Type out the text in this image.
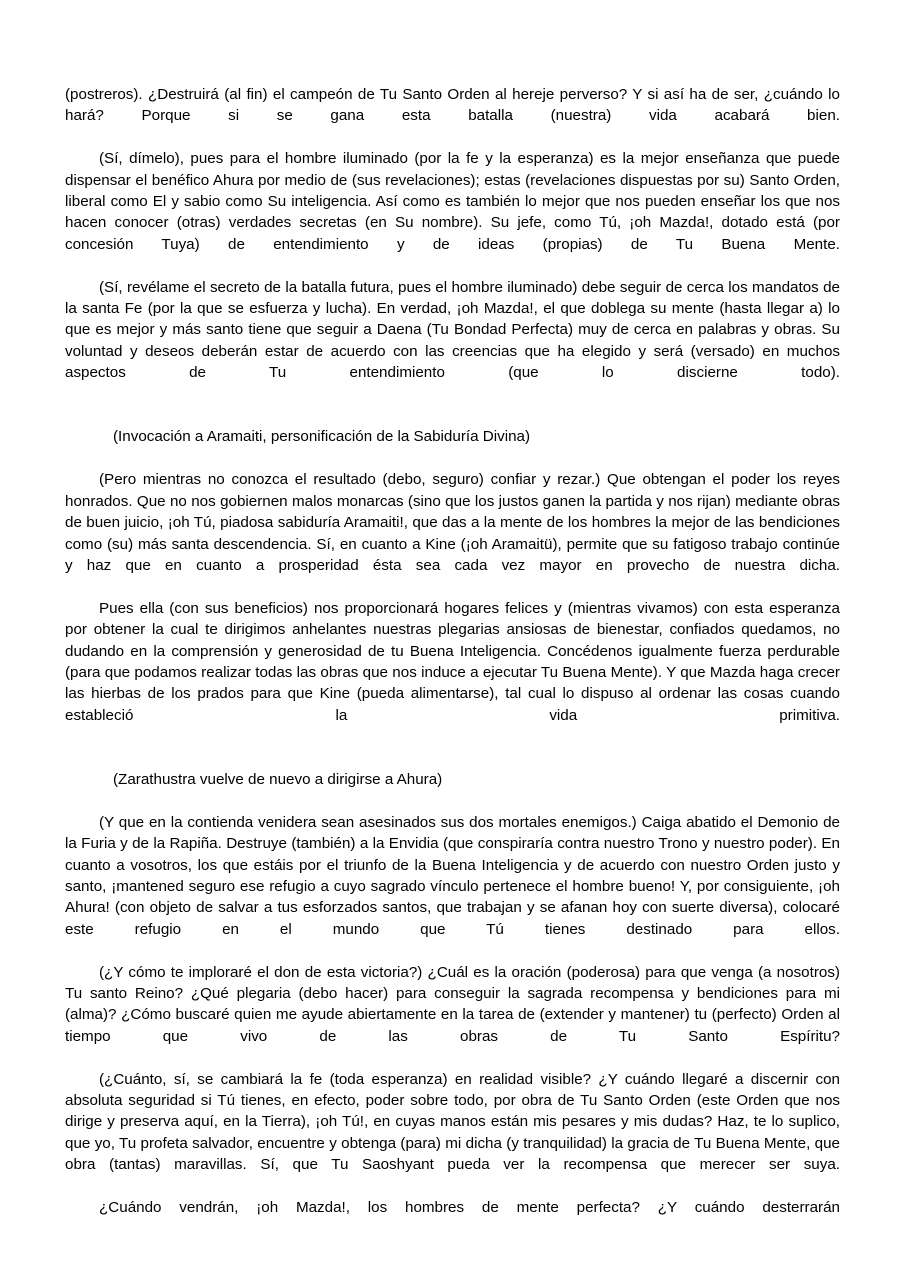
(postreros). ¿Destruirá (al fin) el campeón de Tu Santo Orden al hereje perverso? Y si así ha de ser, ¿cuándo lo hará? Porque si se gana esta batalla (nuestra) vida acabará bien.

(Sí, dímelo), pues para el hombre iluminado (por la fe y la esperanza) es la mejor enseñanza que puede dispensar el benéfico Ahura por medio de (sus revelaciones); estas (revelaciones dispuestas por su) Santo Orden, liberal como El y sabio como Su inteligencia. Así como es también lo mejor que nos pueden enseñar los que nos hacen conocer (otras) verdades secretas (en Su nombre). Su jefe, como Tú, ¡oh Mazda!, dotado está (por concesión Tuya) de entendimiento y de ideas (propias) de Tu Buena Mente.

(Sí, revélame el secreto de la batalla futura, pues el hombre iluminado) debe seguir de cerca los mandatos de la santa Fe (por la que se esfuerza y lucha). En verdad, ¡oh Mazda!, el que doblega su mente (hasta llegar a) lo que es mejor y más santo tiene que seguir a Daena (Tu Bondad Perfecta) muy de cerca en palabras y obras. Su voluntad y deseos deberán estar de acuerdo con las creencias que ha elegido y será (versado) en muchos aspectos de Tu entendimiento (que lo discierne todo).

(Invocación a Aramaiti, personificación de la Sabiduría Divina)

(Pero mientras no conozca el resultado (debo, seguro) confiar y rezar.) Que obtengan el poder los reyes honrados. Que no nos gobiernen malos monarcas (sino que los justos ganen la partida y nos rijan) mediante obras de buen juicio, ¡oh Tú, piadosa sabiduría Aramaiti!, que das a la mente de los hombres la mejor de las bendiciones como (su) más santa descendencia. Sí, en cuanto a Kine (¡oh Aramaitü), permite que su fatigoso trabajo continúe y haz que en cuanto a prosperidad ésta sea cada vez mayor en provecho de nuestra dicha.

Pues ella (con sus beneficios) nos proporcionará hogares felices y (mientras vivamos) con esta esperanza por obtener la cual te dirigimos anhelantes nuestras plegarias ansiosas de bienestar, confiados quedamos, no dudando en la comprensión y generosidad de tu Buena Inteligencia. Concédenos igualmente fuerza perdurable (para que podamos realizar todas las obras que nos induce a ejecutar Tu Buena Mente). Y que Mazda haga crecer las hierbas de los prados para que Kine (pueda alimentarse), tal cual lo dispuso al ordenar las cosas cuando estableció la vida primitiva.

(Zarathustra vuelve de nuevo a dirigirse a Ahura)

(Y que en la contienda venidera sean asesinados sus dos mortales enemigos.) Caiga abatido el Demonio de la Furia y de la Rapiña. Destruye (también) a la Envidia (que conspiraría contra nuestro Trono y nuestro poder). En cuanto a vosotros, los que estáis por el triunfo de la Buena Inteligencia y de acuerdo con nuestro Orden justo y santo, ¡mantened seguro ese refugio a cuyo sagrado vínculo pertenece el hombre bueno! Y, por consiguiente, ¡oh Ahura! (con objeto de salvar a tus esforzados santos, que trabajan y se afanan hoy con suerte diversa), colocaré este refugio en el mundo que Tú tienes destinado para ellos.

(¿Y cómo te imploraré el don de esta victoria?) ¿Cuál es la oración (poderosa) para que venga (a nosotros) Tu santo Reino? ¿Qué plegaria (debo hacer) para conseguir la sagrada recompensa y bendiciones para mi (alma)? ¿Cómo buscaré quien me ayude abiertamente en la tarea de (extender y mantener) tu (perfecto) Orden al tiempo que vivo de las obras de Tu Santo Espíritu?

(¿Cuánto, sí, se cambiará la fe (toda esperanza) en realidad visible? ¿Y cuándo llegaré a discernir con absoluta seguridad si Tú tienes, en efecto, poder sobre todo, por obra de Tu Santo Orden (este Orden que nos dirige y preserva aquí, en la Tierra), ¡oh Tú!, en cuyas manos están mis pesares y mis dudas? Haz, te lo suplico, que yo, Tu profeta salvador, encuentre y obtenga (para) mi dicha (y tranquilidad) la gracia de Tu Buena Mente, que obra (tantas) maravillas. Sí, que Tu Saoshyant pueda ver la recompensa que merecer ser suya.

¿Cuándo vendrán, ¡oh Mazda!, los hombres de mente perfecta? ¿Y cuándo desterrarán
